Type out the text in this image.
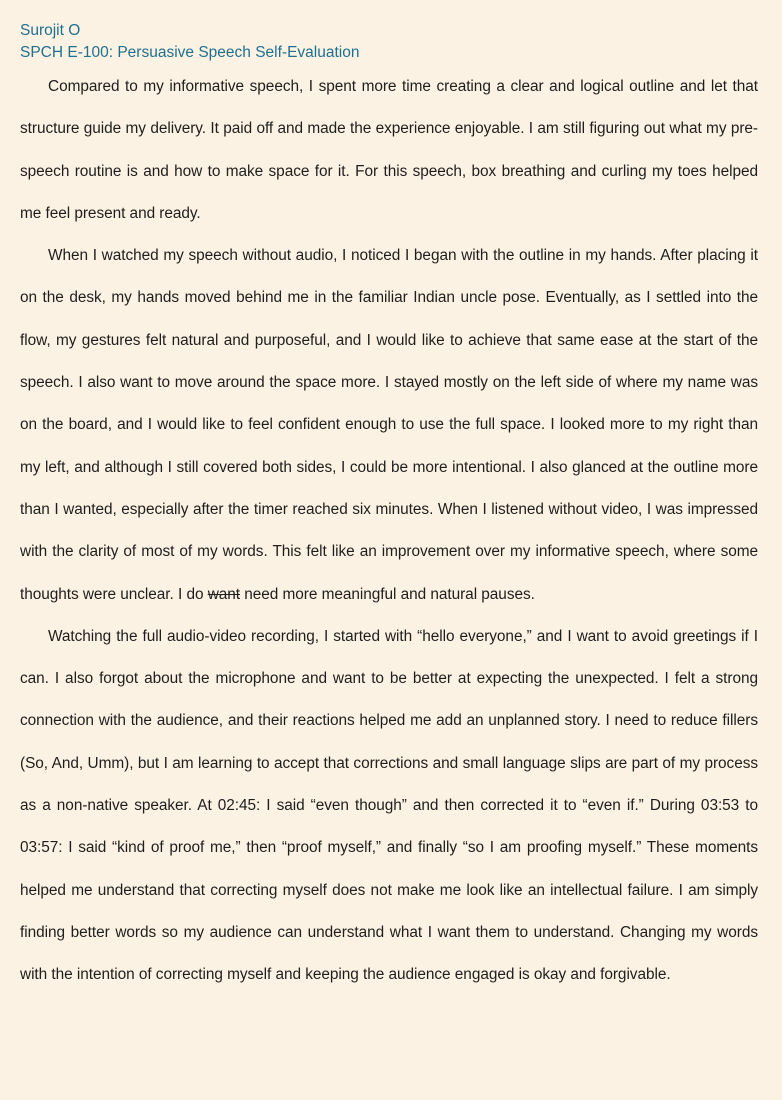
Surojit O

SPCH E-100: Persuasive Speech Self-Evaluation

Compared to my informative speech, I spent more time creating a clear and logical outline and let that structure guide my delivery. It paid off and made the experience enjoyable. I am still figuring out what my pre-speech routine is and how to make space for it. For this speech, box breathing and curling my toes helped me feel present and ready.

When I watched my speech without audio, I noticed I began with the outline in my hands. After placing it on the desk, my hands moved behind me in the familiar Indian uncle pose. Eventually, as I settled into the flow, my gestures felt natural and purposeful, and I would like to achieve that same ease at the start of the speech. I also want to move around the space more. I stayed mostly on the left side of where my name was on the board, and I would like to feel confident enough to use the full space. I looked more to my right than my left, and although I still covered both sides, I could be more intentional. I also glanced at the outline more than I wanted, especially after the timer reached six minutes. When I listened without video, I was impressed with the clarity of most of my words. This felt like an improvement over my informative speech, where some thoughts were unclear. I do want need more meaningful and natural pauses.

Watching the full audio-video recording, I started with “hello everyone,” and I want to avoid greetings if I can. I also forgot about the microphone and want to be better at expecting the unexpected. I felt a strong connection with the audience, and their reactions helped me add an unplanned story. I need to reduce fillers (So, And, Umm), but I am learning to accept that corrections and small language slips are part of my process as a non-native speaker. At 02:45: I said “even though” and then corrected it to “even if.” During 03:53 to 03:57: I said “kind of proof me,” then “proof myself,” and finally “so I am proofing myself.” These moments helped me understand that correcting myself does not make me look like an intellectual failure. I am simply finding better words so my audience can understand what I want them to understand. Changing my words with the intention of correcting myself and keeping the audience engaged is okay and forgivable.
